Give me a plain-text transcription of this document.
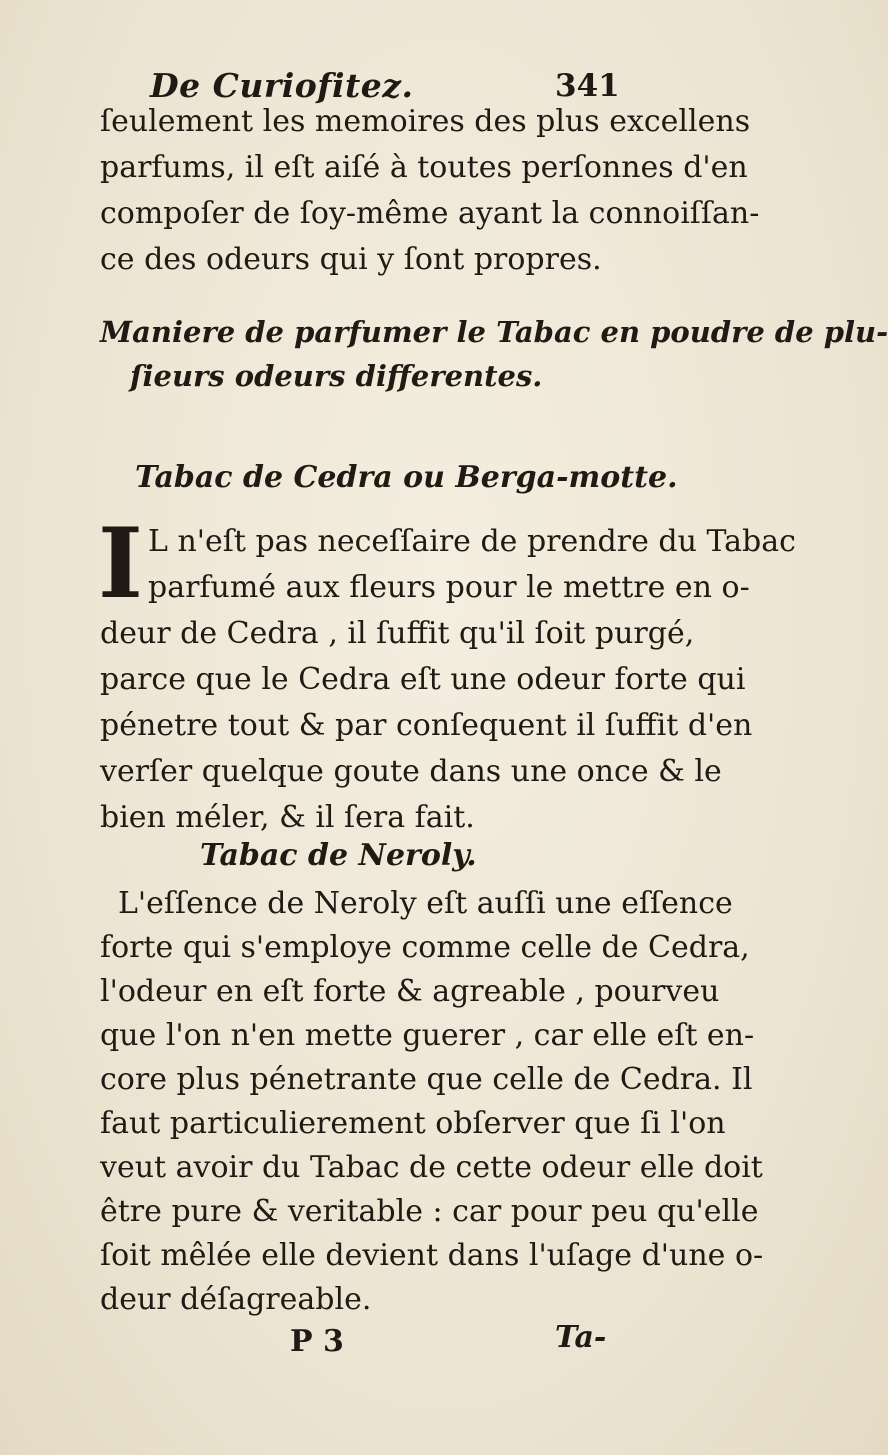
De Curiofitez.	341
ſeulement les memoires des plus excellens
parfums, il eſt aiſé à toutes perſonnes d'en
compoſer de ſoy-même ayant la connoiſſan-
ce des odeurs qui y ſont propres.
Maniere de parfumer le Tabac en poudre de plu-
ſieurs odeurs differentes.
Tabac de Cedra ou Berga-motte.
I L n'eſt pas neceſſaire de prendre du Tabac
parfumé aux fleurs pour le mettre en o-
deur de Cedra , il ſuffit qu'il ſoit purgé,
parce que le Cedra eſt une odeur forte qui
pénetre tout & par conſequent il ſuffit d'en
verſer quelque goute dans une once & le
bien méler, & il ſera fait.
Tabac de Neroly.
L'eſſence de Neroly eſt auſſi une eſſence
forte qui s'employe comme celle de Cedra,
l'odeur en eſt forte & agreable , pourveu
que l'on n'en mette guerer , car elle eſt en-
core plus pénetrante que celle de Cedra. Il
faut particulierement obſerver que ſi l'on
veut avoir du Tabac de cette odeur elle doit
être pure & veritable : car pour peu qu'elle
ſoit mêlée elle devient dans l'uſage d'une o-
deur déſagreable.
P 3	Ta-
